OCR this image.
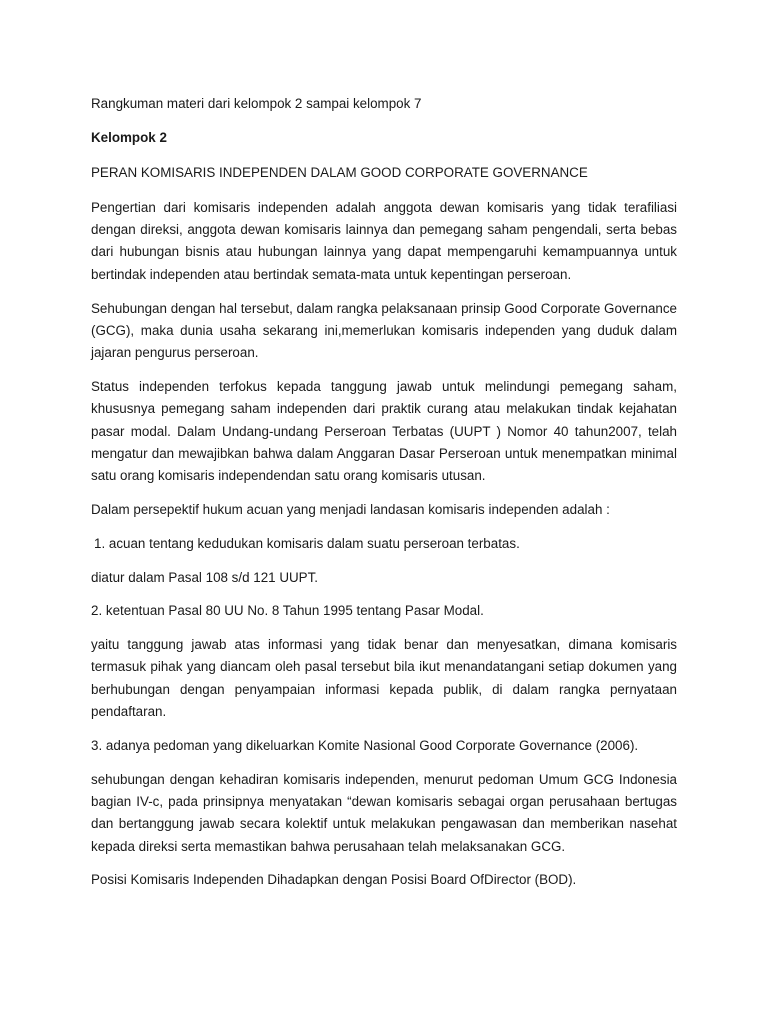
Rangkuman materi dari kelompok 2 sampai kelompok 7

Kelompok 2

PERAN KOMISARIS INDEPENDEN DALAM GOOD CORPORATE GOVERNANCE

Pengertian dari komisaris independen adalah anggota dewan komisaris yang tidak terafiliasi dengan direksi, anggota dewan komisaris lainnya dan pemegang saham pengendali, serta bebas dari hubungan bisnis atau hubungan lainnya yang dapat mempengaruhi kemampuannya untuk bertindak independen atau bertindak semata-mata untuk kepentingan perseroan.

Sehubungan dengan hal tersebut, dalam rangka pelaksanaan prinsip Good Corporate Governance (GCG), maka dunia usaha sekarang ini,memerlukan komisaris independen yang duduk dalam jajaran pengurus perseroan.

Status independen terfokus kepada tanggung jawab untuk melindungi pemegang saham, khususnya pemegang saham independen dari praktik curang atau melakukan tindak kejahatan pasar modal. Dalam Undang-undang Perseroan Terbatas (UUPT ) Nomor 40 tahun2007, telah mengatur dan mewajibkan bahwa dalam Anggaran Dasar Perseroan untuk menempatkan minimal satu orang komisaris independendan satu orang komisaris utusan.

Dalam persepektif hukum acuan yang menjadi landasan komisaris independen adalah :

1. acuan tentang kedudukan komisaris dalam suatu perseroan terbatas.

diatur dalam Pasal 108 s/d 121 UUPT.

2. ketentuan Pasal 80 UU No. 8 Tahun 1995 tentang Pasar Modal.

yaitu tanggung jawab atas informasi yang tidak benar dan menyesatkan, dimana komisaris termasuk pihak yang diancam oleh pasal tersebut bila ikut menandatangani setiap dokumen yang berhubungan dengan penyampaian informasi kepada publik, di dalam rangka pernyataan pendaftaran.

3. adanya pedoman yang dikeluarkan Komite Nasional Good Corporate Governance (2006).

sehubungan dengan kehadiran komisaris independen, menurut pedoman Umum GCG Indonesia bagian IV-c, pada prinsipnya menyatakan “dewan komisaris sebagai organ perusahaan bertugas dan bertanggung jawab secara kolektif untuk melakukan pengawasan dan memberikan nasehat kepada direksi serta memastikan bahwa perusahaan telah melaksanakan GCG.

Posisi Komisaris Independen Dihadapkan dengan Posisi Board OfDirector (BOD).
